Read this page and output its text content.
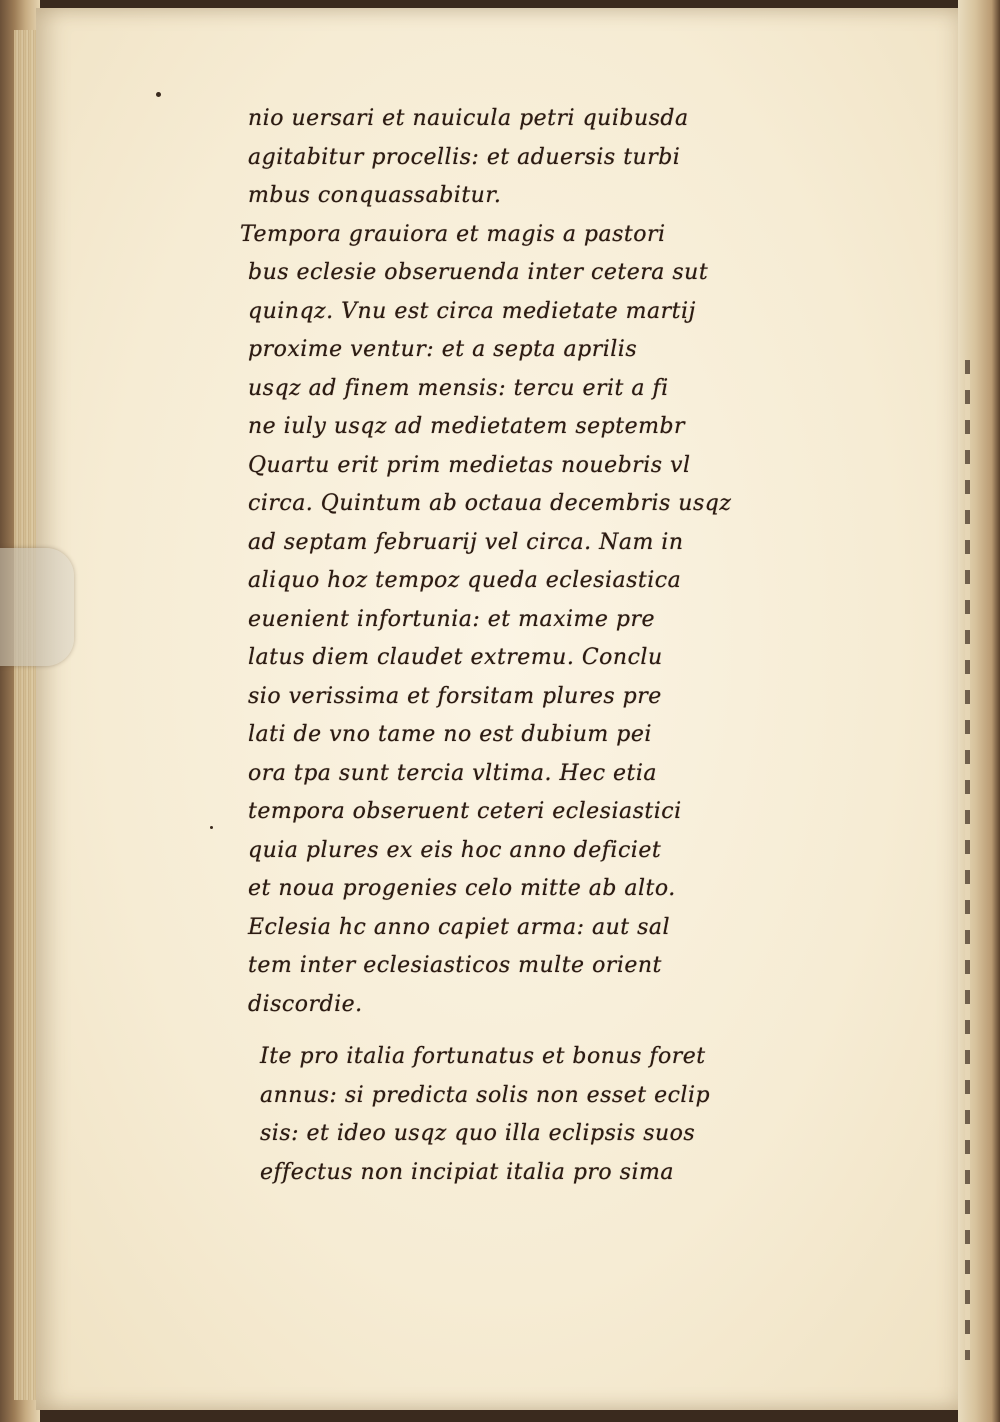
nio uersari et nauicula petri quibusda
agitabitur procellis: et aduersis turbi
mbus conquassabitur.
Tempora grauiora et magis a pastori
bus eclesie obseruenda inter cetera sut
quinqz. Vnu est circa medietate martij
proxime ventur: et a septa aprilis
usqz ad finem mensis: tercu erit a fi
ne iuly usqz ad medietatem septembr
Quartu erit prim medietas nouebris vl
circa. Quintum ab octaua decembris usqz
ad septam februarij vel circa. Nam in
aliquo hoz tempoz queda eclesiastica
euenient infortunia: et maxime pre
latus diem claudet extremu. Conclu
sio verissima et forsitam plures pre
lati de vno tame no est dubium pei
ora tpa sunt tercia vltima. Hec etia
tempora obseruent ceteri eclesiastici
quia plures ex eis hoc anno deficiet
et noua progenies celo mitte ab alto.
Eclesia hc anno capiet arma: aut sal
tem inter eclesiasticos multe orient
discordie.
Ite pro italia fortunatus et bonus foret
annus: si predicta solis non esset eclip
sis: et ideo usqz quo illa eclipsis suos
effectus non incipiat italia pro sima
